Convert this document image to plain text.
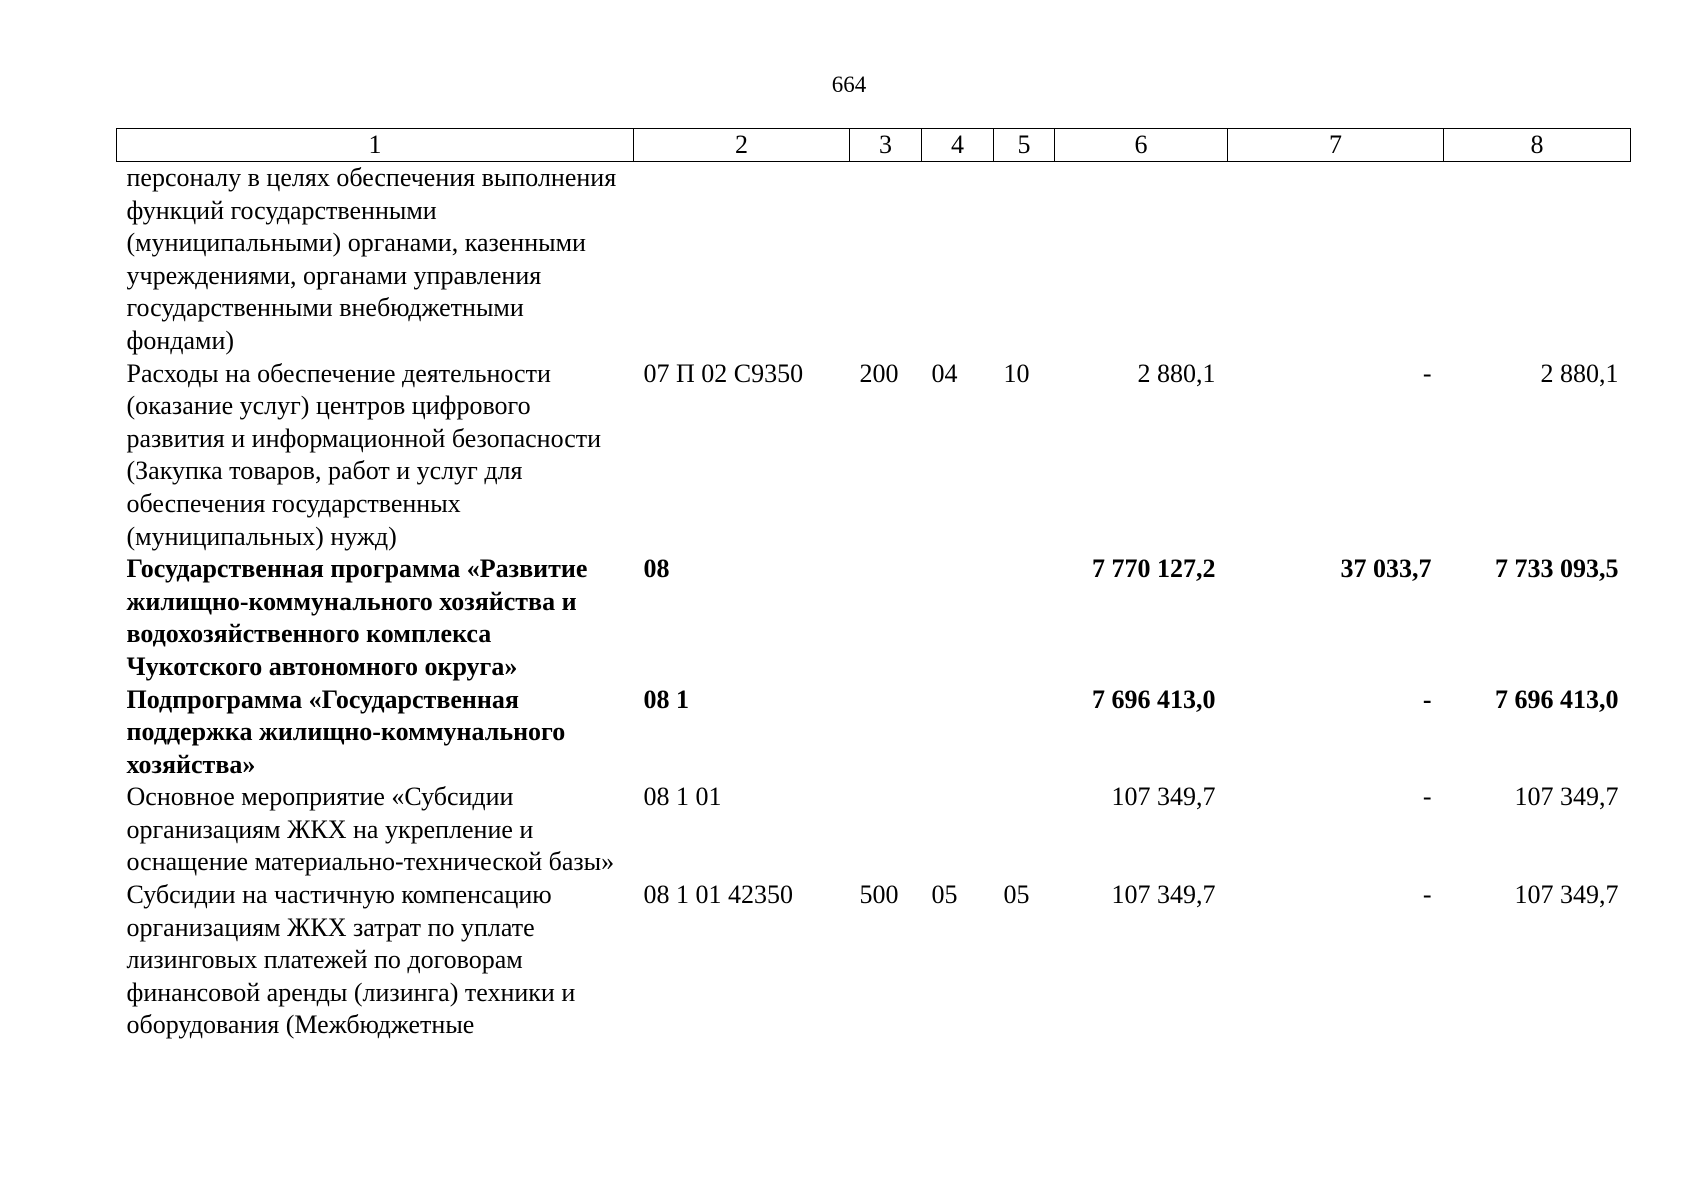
664
1	2	3	4	5	6	7	8
персоналу в целях обеспечения выполнения функций государственными (муниципальными) органами, казенными учреждениями, органами управления государственными внебюджетными фондами)							
Расходы на обеспечение деятельности (оказание услуг) центров цифрового развития и информационной безопасности (Закупка товаров, работ и услуг для обеспечения государственных (муниципальных) нужд)	07 П 02 С9350	200	04	10	2 880,1	-	2 880,1
Государственная программа «Развитие жилищно-коммунального хозяйства и водохозяйственного комплекса Чукотского автономного округа»	08				7 770 127,2	37 033,7	7 733 093,5
Подпрограмма «Государственная поддержка жилищно-коммунального хозяйства»	08 1				7 696 413,0	-	7 696 413,0
Основное мероприятие «Субсидии организациям ЖКХ на укрепление и оснащение материально-технической базы»	08 1 01				107 349,7	-	107 349,7
Субсидии на частичную компенсацию организациям ЖКХ затрат по уплате лизинговых платежей по договорам финансовой аренды (лизинга) техники и оборудования (Межбюджетные	08 1 01 42350	500	05	05	107 349,7	-	107 349,7
